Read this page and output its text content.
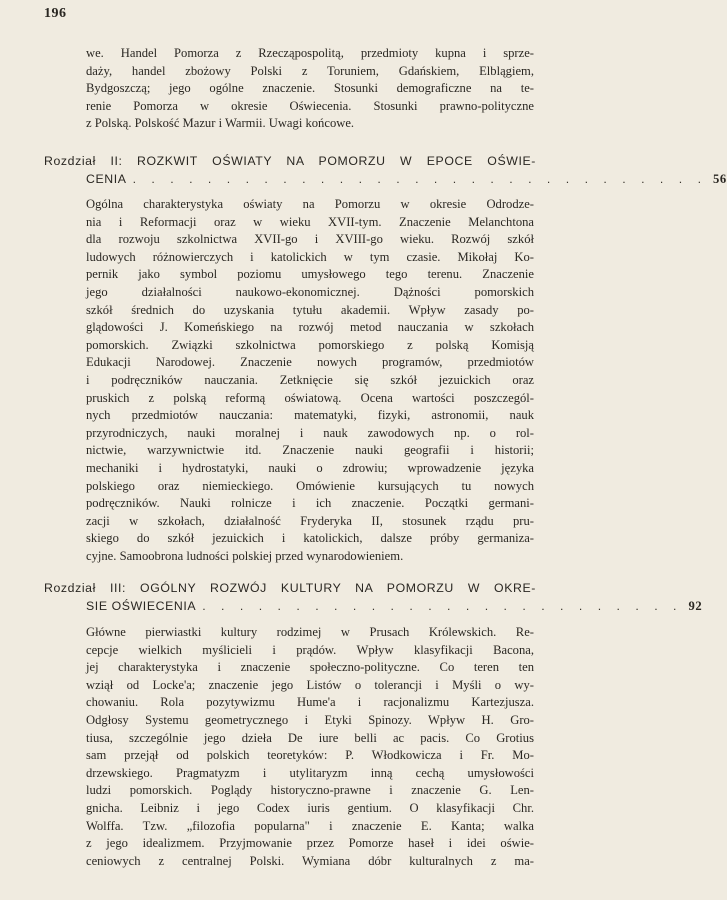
196
we. Handel Pomorza z Rzecząpospolitą, przedmioty kupna i sprze-
daży, handel zbożowy Polski z Toruniem, Gdańskiem, Elblągiem,
Bydgoszczą; jego ogólne znaczenie. Stosunki demograficzne na te-
renie Pomorza w okresie Oświecenia. Stosunki prawno-polityczne
z Polską. Polskość Mazur i Warmii. Uwagi końcowe.
Rozdział II: ROZKWIT OŚWIATY NA POMORZU W EPOCE OŚWIE-
CENIA . . . . . . . . . . . . . . . . . . . . . . . . . . . . . . . 56
Ogólna charakterystyka oświaty na Pomorzu w okresie Odrodze-
nia i Reformacji oraz w wieku XVII-tym. Znaczenie Melanchtona
dla rozwoju szkolnictwa XVII-go i XVIII-go wieku. Rozwój szkół
ludowych różnowierczych i katolickich w tym czasie. Mikołaj Ko-
pernik jako symbol poziomu umysłowego tego terenu. Znaczenie
jego działalności naukowo-ekonomicznej. Dążności pomorskich
szkół średnich do uzyskania tytułu akademii. Wpływ zasady po-
glądowości J. Komeńskiego na rozwój metod nauczania w szkołach
pomorskich. Związki szkolnictwa pomorskiego z polską Komisją
Edukacji Narodowej. Znaczenie nowych programów, przedmiotów
i podręczników nauczania. Zetknięcie się szkół jezuickich oraz
pruskich z polską reformą oświatową. Ocena wartości poszczegól-
nych przedmiotów nauczania: matematyki, fizyki, astronomii, nauk
przyrodniczych, nauki moralnej i nauk zawodowych np. o rol-
nictwie, warzywnictwie itd. Znaczenie nauki geografii i historii;
mechaniki i hydrostatyki, nauki o zdrowiu; wprowadzenie języka
polskiego oraz niemieckiego. Omówienie kursujących tu nowych
podręczników. Nauki rolnicze i ich znaczenie. Początki germani-
zacji w szkołach, działalność Fryderyka II, stosunek rządu pru-
skiego do szkół jezuickich i katolickich, dalsze próby germaniza-
cyjne. Samoobrona ludności polskiej przed wynarodowieniem.
Rozdział III: OGÓLNY ROZWÓJ KULTURY NA POMORZU W OKRE-
SIE OŚWIECENIA . . . . . . . . . . . . . . . . . . . . . . . . . . 92
Główne pierwiastki kultury rodzimej w Prusach Królewskich. Re-
cepcje wielkich myślicieli i prądów. Wpływ klasyfikacji Bacona,
jej charakterystyka i znaczenie społeczno-polityczne. Co teren ten
wziął od Locke'a; znaczenie jego Listów o tolerancji i Myśli o wy-
chowaniu. Rola pozytywizmu Hume'a i racjonalizmu Kartezjusza.
Odgłosy Systemu geometrycznego i Etyki Spinozy. Wpływ H. Gro-
tiusa, szczególnie jego dzieła De iure belli ac pacis. Co Grotius
sam przejął od polskich teoretyków: P. Włodkowicza i Fr. Mo-
drzewskiego. Pragmatyzm i utylitaryzm inną cechą umysłowości
ludzi pomorskich. Poglądy historyczno-prawne i znaczenie G. Len-
gnicha. Leibniz i jego Codex iuris gentium. O klasyfikacji Chr.
Wolffa. Tzw. „filozofia popularna" i znaczenie E. Kanta; walka
z jego idealizmem. Przyjmowanie przez Pomorze haseł i idei oświe-
ceniowych z centralnej Polski. Wymiana dóbr kulturalnych z ma-
